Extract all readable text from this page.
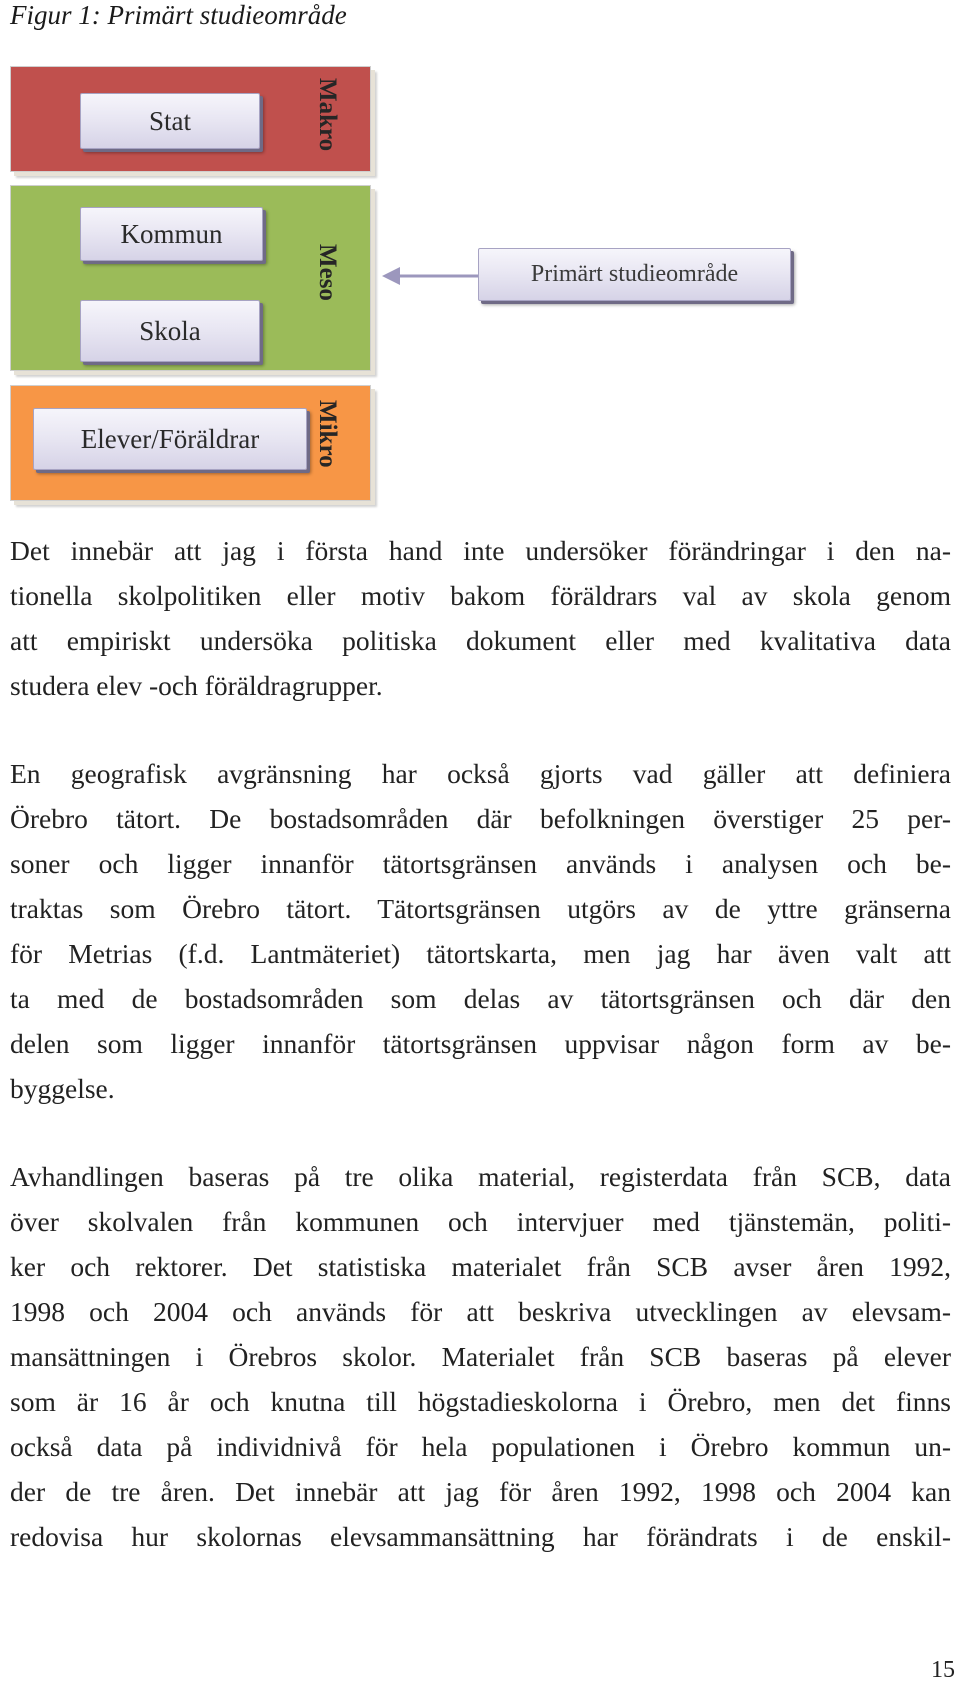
Figur 1: Primärt studieområde
Makro
Meso
Mikro
Stat
Kommun
Skola
Elever/Föräldrar
Primärt studieområde
Det innebär att jag i första hand inte undersöker förändringar i den na-
tionella skolpolitiken eller motiv bakom föräldrars val av skola genom
att empiriskt undersöka politiska dokument eller med kvalitativa data
studera elev -och föräldragrupper.
En geografisk avgränsning har också gjorts vad gäller att definiera
Örebro tätort. De bostadsområden där befolkningen överstiger 25 per-
soner och ligger innanför tätortsgränsen används i analysen och be-
traktas som Örebro tätort. Tätortsgränsen utgörs av de yttre gränserna
för Metrias (f.d. Lantmäteriet) tätortskarta, men jag har även valt att
ta med de bostadsområden som delas av tätortsgränsen och där den
delen som ligger innanför tätortsgränsen uppvisar någon form av be-
byggelse.
Avhandlingen baseras på tre olika material, registerdata från SCB, data
över skolvalen från kommunen och intervjuer med tjänstemän, politi-
ker och rektorer. Det statistiska materialet från SCB avser åren 1992,
1998 och 2004 och används för att beskriva utvecklingen av elevsam-
mansättningen i Örebros skolor. Materialet från SCB baseras på elever
som är 16 år och knutna till högstadieskolorna i Örebro, men det finns
också data på individnivå för hela populationen i Örebro kommun un-
der de tre åren. Det innebär att jag för åren 1992, 1998 och 2004 kan
redovisa hur skolornas elevsammansättning har förändrats i de enskil-
15
